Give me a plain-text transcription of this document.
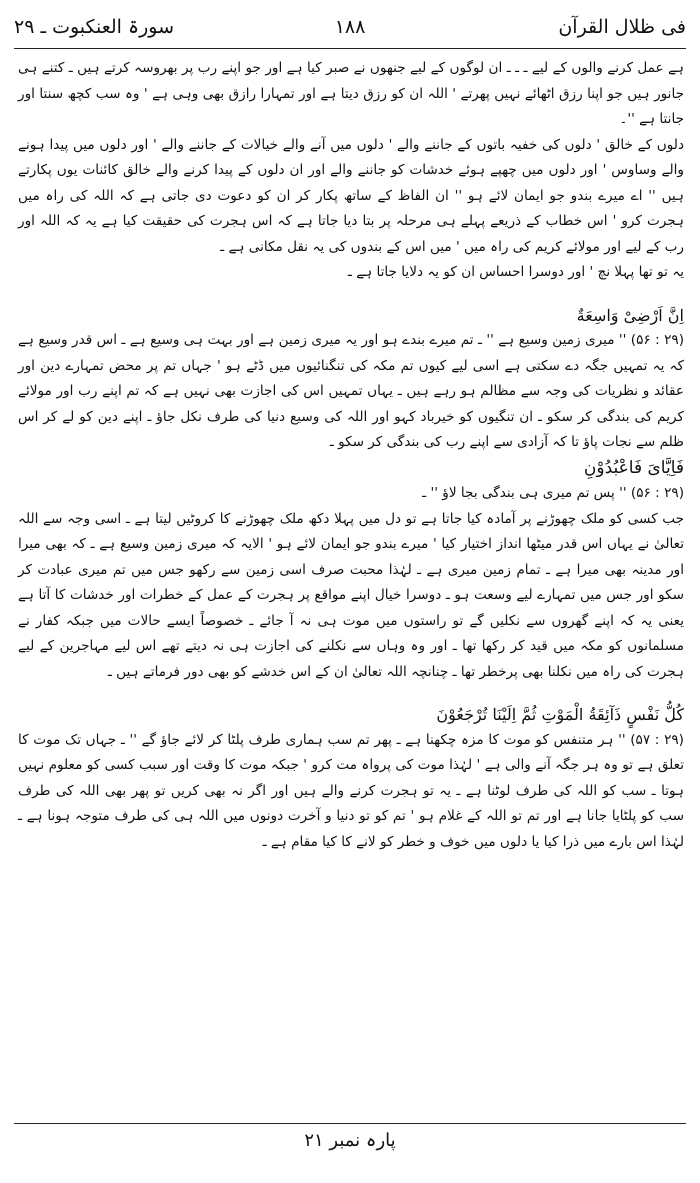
فی ظلال القرآن
۱۸۸
سورۃ العنکبوت ـ ۲۹

ہے عمل کرنے والوں کے لیے ـ ـ ـ ان لوگوں کے لیے جنھوں نے صبر کیا ہے اور جو اپنے رب پر بھروسہ کرتے ہیں ـ کتنے ہی جانور ہیں جو اپنا رزق اٹھائے نہیں پھرتے ' اللہ ان کو رزق دیتا ہے اور تمہارا رازق بھی وہی ہے ' وہ سب کچھ سنتا اور جانتا ہے ''۔

دلوں کے خالق ' دلوں کی خفیہ باتوں کے جاننے والے ' دلوں میں آنے والے خیالات کے جاننے والے ' اور دلوں میں پیدا ہونے والے وساوس ' اور دلوں میں چھپے ہوئے خدشات کو جاننے والے اور ان دلوں کے پیدا کرنے والے خالق کائنات یوں پکارتے ہیں '' اے میرے بندو جو ایمان لائے ہو '' ان الفاظ کے ساتھ پکار کر ان کو دعوت دی جاتی ہے کہ اللہ کی راہ میں ہجرت کرو ' اس خطاب کے ذریعے پہلے ہی مرحلہ پر بتا دیا جاتا ہے کہ اس ہجرت کی حقیقت کیا ہے یہ کہ اللہ اور رب کے لیے اور مولائے کریم کی راہ میں ' میں اس کے بندوں کی یہ نقل مکانی ہے ـ

یہ تو تھا پہلا نچ ' اور دوسرا احساس ان کو یہ دلایا جاتا ہے ـ

اِنَّ اَرْضِیْ وَاسِعَةٌ

(۲۹ : ۵۶) '' میری زمین وسیع ہے '' ـ تم میرے بندے ہو اور یہ میری زمین ہے اور بہت ہی وسیع ہے ـ اس قدر وسیع ہے کہ یہ تمہیں جگہ دے سکتی ہے اسی لیے کیوں تم مکہ کی تنگنائیوں میں ڈٹے ہو ' جہاں تم پر محض تمہارے دین اور عقائد و نظریات کی وجہ سے مظالم ہو رہے ہیں ـ یہاں تمہیں اس کی اجازت بھی نہیں ہے کہ تم اپنے رب اور مولائے کریم کی بندگی کر سکو ـ ان تنگیوں کو خیرباد کہو اور اللہ کی وسیع دنیا کی طرف نکل جاؤ ـ اپنے دین کو لے کر اس ظلم سے نجات پاؤ تا کہ آزادی سے اپنے رب کی بندگی کر سکو ـ

فَاِیَّایَ فَاعْبُدُوْنِ

(۲۹ : ۵۶) '' پس تم میری ہی بندگی بجا لاؤ '' ـ

جب کسی کو ملک چھوڑنے پر آمادہ کیا جاتا ہے تو دل میں پہلا دکھ ملک چھوڑنے کا کروٹیں لیتا ہے ـ اسی وجہ سے اللہ تعالیٰ نے یہاں اس قدر میٹھا انداز اختیار کیا ' میرے بندو جو ایمان لائے ہو ' الایہ کہ میری زمین وسیع ہے ـ کہ بھی میرا اور مدینہ بھی میرا ہے ـ تمام زمین میری ہے ـ لہٰذا محبت صرف اسی زمین سے رکھو جس میں تم میری عبادت کر سکو اور جس میں تمہارے لیے وسعت ہو ـ دوسرا خیال اپنے مواقع پر ہجرت کے عمل کے خطرات اور خدشات کا آتا ہے یعنی یہ کہ اپنے گھروں سے نکلیں گے تو راستوں میں موت ہی نہ آ جائے ـ خصوصاً ایسے حالات میں جبکہ کفار نے مسلمانوں کو مکہ میں قید کر رکھا تھا ـ اور وہ وہاں سے نکلنے کی اجازت ہی نہ دیتے تھے اس لیے مہاجرین کے لیے ہجرت کی راہ میں نکلنا بھی پرخطر تھا ـ چنانچہ اللہ تعالیٰ ان کے اس خدشے کو بھی دور فرماتے ہیں ـ

کُلُّ نَفْسٍ ذَآئِقَةُ الْمَوْتِ ثُمَّ اِلَیْنَا تُرْجَعُوْنَ

(۲۹ : ۵۷) '' ہر متنفس کو موت کا مزہ چکھنا ہے ـ پھر تم سب ہماری طرف پلٹا کر لائے جاؤ گے '' ـ جہاں تک موت کا تعلق ہے تو وہ ہر جگہ آنے والی ہے ' لہٰذا موت کی پرواہ مت کرو ' جبکہ موت کا وقت اور سبب کسی کو معلوم نہیں ہوتا ـ سب کو اللہ کی طرف لوٹنا ہے ـ یہ تو ہجرت کرنے والے ہیں اور اگر نہ بھی کریں تو پھر بھی اللہ کی طرف سب کو پلٹایا جانا ہے اور تم تو اللہ کے غلام ہو ' تم کو تو دنیا و آخرت دونوں میں اللہ ہی کی طرف متوجہ ہونا ہے ـ لہٰذا اس بارے میں ذرا کیا یا دلوں میں خوف و خطر کو لانے کا کیا مقام ہے ـ

پارہ نمبر ۲۱
